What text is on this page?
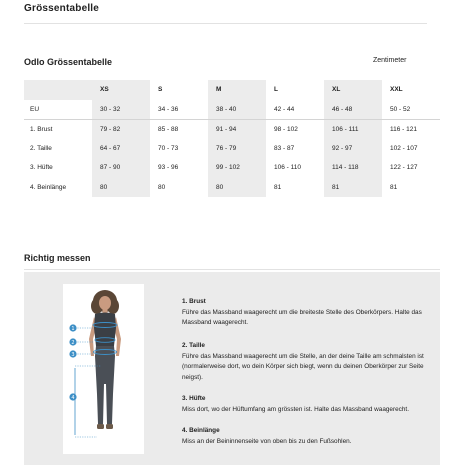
Grössentabelle
Odlo Grössentabelle	Zentimeter
	XS	S	M	L	XL	XXL
EU	30 - 32	34 - 36	38 - 40	42 - 44	46 - 48	50 - 52
1. Brust	79 - 82	85 - 88	91 - 94	98 - 102	106 - 111	116 - 121
2. Taille	64 - 67	70 - 73	76 - 79	83 - 87	92 - 97	102 - 107
3. Hüfte	87 - 90	93 - 96	99 - 102	106 - 110	114 - 118	122 - 127
4. Beinlänge	80	80	80	81	81	81
Richtig messen
1
2
3
4
1. Brust
Führe das Massband waagerecht um die breiteste Stelle des Oberkörpers. Halte das Massband waagerecht.
2. Taille
Führe das Massband waagerecht um die Stelle, an der deine Taille am schmalsten ist (normalerweise dort, wo dein Körper sich biegt, wenn du deinen Oberkörper zur Seite neigst).
3. Hüfte
Miss dort, wo der Hüftumfang am grössten ist. Halte das Massband waagerecht.
4. Beinlänge
Miss an der Beininnenseite von oben bis zu den Fußsohlen.
